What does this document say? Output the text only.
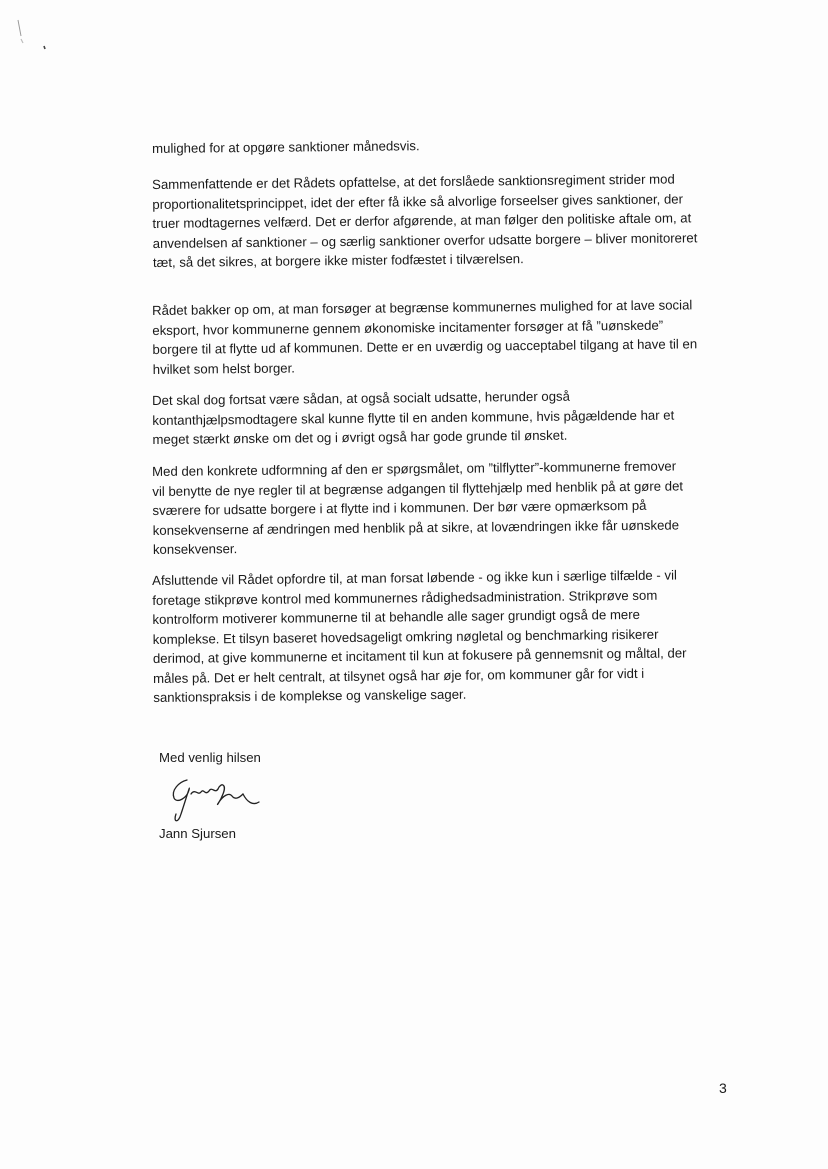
mulighed for at opgøre sanktioner månedsvis.

Sammenfattende er det Rådets opfattelse, at det forslåede sanktionsregiment strider mod
proportionalitetsprincippet, idet der efter få ikke så alvorlige forseelser gives sanktioner, der
truer modtagernes velfærd. Det er derfor afgørende, at man følger den politiske aftale om, at
anvendelsen af sanktioner – og særlig sanktioner overfor udsatte borgere – bliver monitoreret
tæt, så det sikres, at borgere ikke mister fodfæstet i tilværelsen.

Rådet bakker op om, at man forsøger at begrænse kommunernes mulighed for at lave social
eksport, hvor kommunerne gennem økonomiske incitamenter forsøger at få ”uønskede”
borgere til at flytte ud af kommunen. Dette er en uværdig og uacceptabel tilgang at have til en
hvilket som helst borger.

Det skal dog fortsat være sådan, at også socialt udsatte, herunder også
kontanthjælpsmodtagere skal kunne flytte til en anden kommune, hvis pågældende har et
meget stærkt ønske om det og i øvrigt også har gode grunde til ønsket.

Med den konkrete udformning af den er spørgsmålet, om ”tilflytter”-kommunerne fremover
vil benytte de nye regler til at begrænse adgangen til flyttehjælp med henblik på at gøre det
sværere for udsatte borgere i at flytte ind i kommunen. Der bør være opmærksom på
konsekvenserne af ændringen med henblik på at sikre, at lovændringen ikke får uønskede
konsekvenser.

Afsluttende vil Rådet opfordre til, at man forsat løbende - og ikke kun i særlige tilfælde - vil
foretage stikprøve kontrol med kommunernes rådighedsadministration. Strikprøve som
kontrolform motiverer kommunerne til at behandle alle sager grundigt også de mere
komplekse. Et tilsyn baseret hovedsageligt omkring nøgletal og benchmarking risikerer
derimod, at give kommunerne et incitament til kun at fokusere på gennemsnit og måltal, der
måles på. Det er helt centralt, at tilsynet også har øje for, om kommuner går for vidt i
sanktionspraksis i de komplekse og vanskelige sager.

Med venlig hilsen
Jann Sjursen
3
